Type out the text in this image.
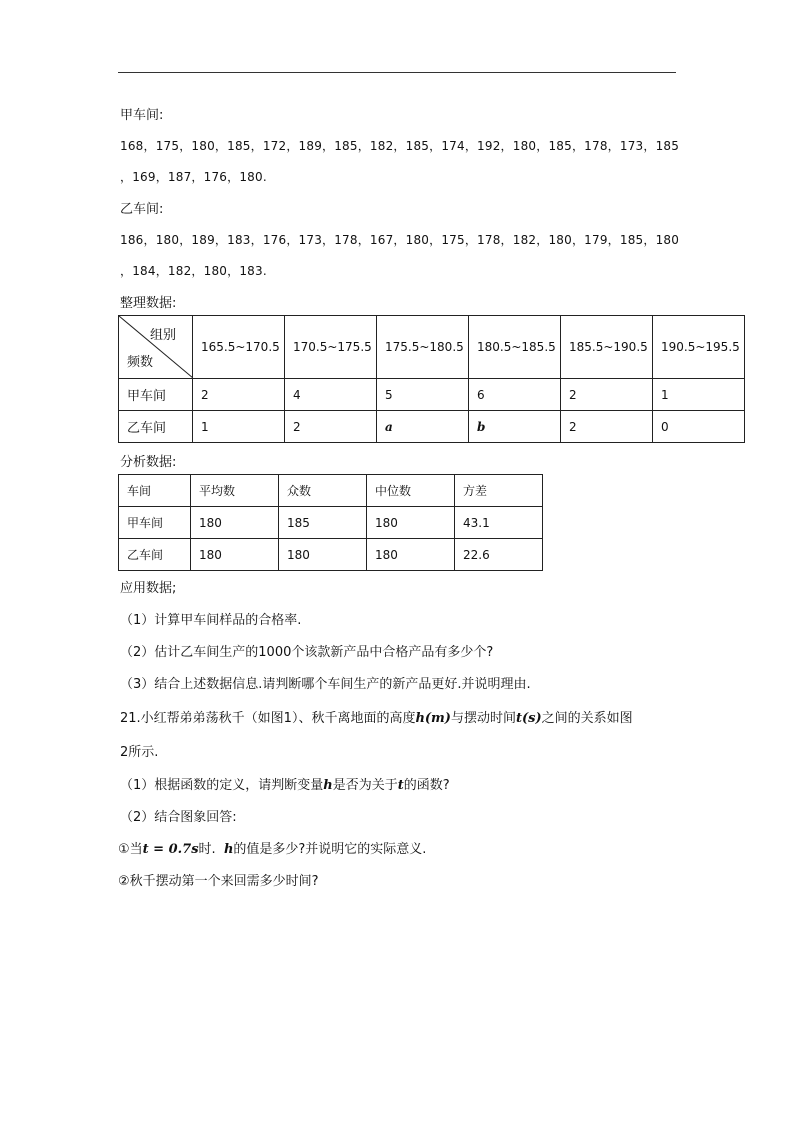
甲车间:
168，175，180，185，172，189，185，182，185，174，192，180，185，178，173，185
，169，187，176，180.
乙车间:
186，180，189，183，176，173，178，167，180，175，178，182，180，179，185，180
，184，182，180，183.
整理数据:
组别
频数	165.5~170.5	170.5~175.5	175.5~180.5	180.5~185.5	185.5~190.5	190.5~195.5
甲车间	2	4	5	6	2	1
乙车间	1	2	a	b	2	0
分析数据:
车间	平均数	众数	中位数	方差
甲车间	180	185	180	43.1
乙车间	180	180	180	22.6
应用数据;
（1）计算甲车间样品的合格率.
（2）估计乙车间生产的1000个该款新产品中合格产品有多少个?
（3）结合上述数据信息.请判断哪个车间生产的新产品更好.并说明理由.
21.小红帮弟弟荡秋千（如图1）、秋千离地面的高度h(m)与摆动时间t(s)之间的关系如图
2所示.
（1）根据函数的定义，请判断变量h是否为关于t的函数?
（2）结合图象回答:
①当t = 0.7s时. h的值是多少?并说明它的实际意义.
②秋千摆动第一个来回需多少时间?
